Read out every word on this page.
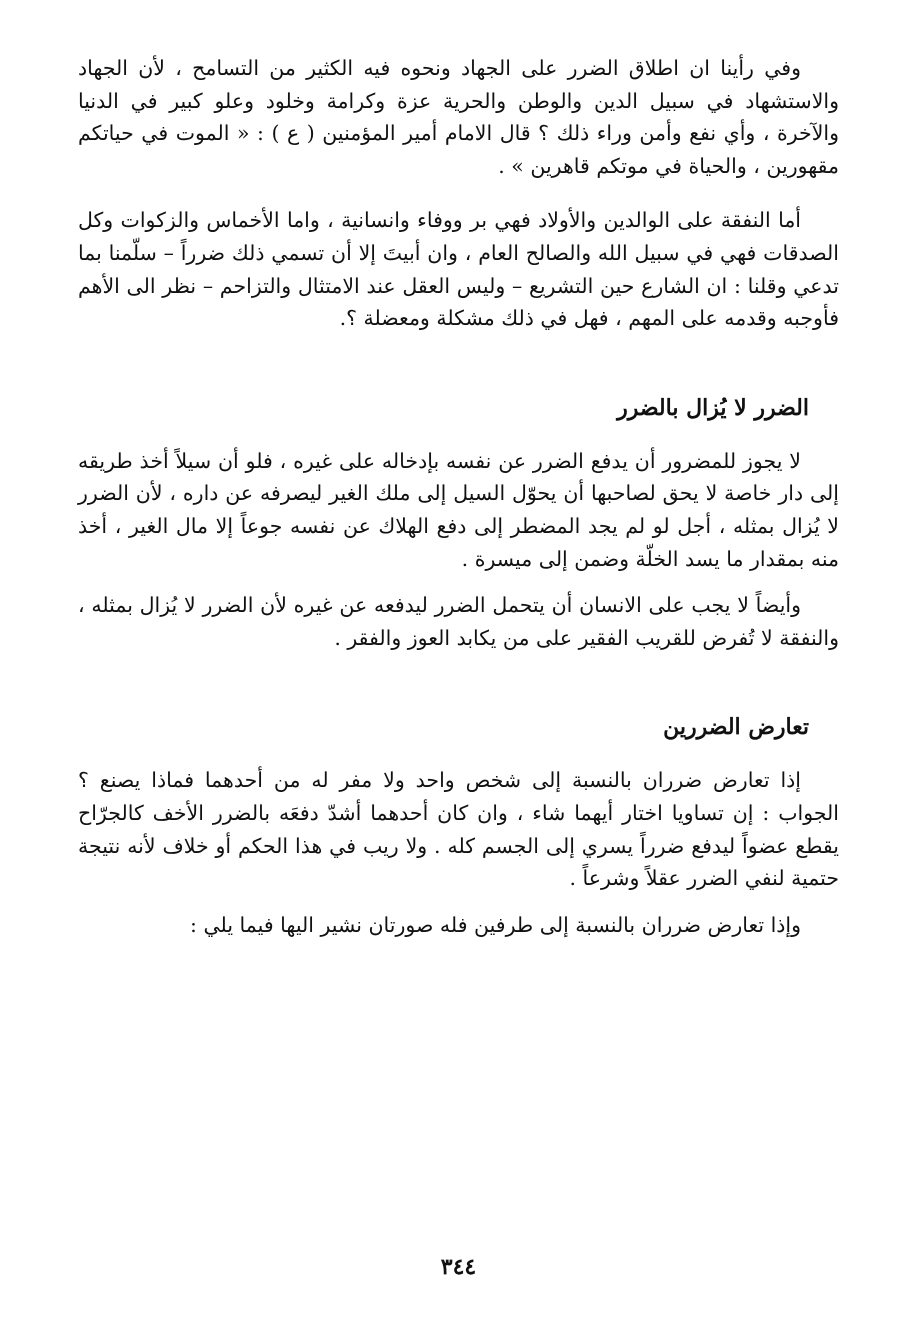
وفي رأينا ان اطلاق الضرر على الجهاد ونحوه فيه الكثير من التسامح ، لأن الجهاد والاستشهاد في سبيل الدين والوطن والحرية عزة وكرامة وخلود وعلو كبير في الدنيا والآخرة ، وأي نفع وأمن وراء ذلك ؟ قال الامام أمير المؤمنين ( ع ) : « الموت في حياتكم مقهورين ، والحياة في موتكم قاهرين » .

أما النفقة على الوالدين والأولاد فهي بر ووفاء وانسانية ، واما الأخماس والزكوات وكل الصدقات فهي في سبيل الله والصالح العام ، وان أبيتَ إلا أن تسمي ذلك ضرراً – سلّمنا بما تدعي وقلنا : ان الشارع حين التشريع – وليس العقل عند الامتثال والتزاحم – نظر الى الأهم فأوجبه وقدمه على المهم ، فهل في ذلك مشكلة ومعضلة ؟.

الضرر لا يُزال بالضرر

لا يجوز للمضرور أن يدفع الضرر عن نفسه بإدخاله على غيره ، فلو أن سيلاً أخذ طريقه إلى دار خاصة لا يحق لصاحبها أن يحوّل السيل إلى ملك الغير ليصرفه عن داره ، لأن الضرر لا يُزال بمثله ، أجل لو لم يجد المضطر إلى دفع الهلاك عن نفسه جوعاً إلا مال الغير ، أخذ منه بمقدار ما يسد الخلّة وضمن إلى ميسرة .

وأيضاً لا يجب على الانسان أن يتحمل الضرر ليدفعه عن غيره لأن الضرر لا يُزال بمثله ، والنفقة لا تُفرض للقريب الفقير على من يكابد العوز والفقر .

تعارض الضررين

إذا تعارض ضرران بالنسبة إلى شخص واحد ولا مفر له من أحدهما فماذا يصنع ؟ الجواب : إن تساويا اختار أيهما شاء ، وان كان أحدهما أشدّ دفعَه بالضرر الأخف كالجرّاح يقطع عضواً ليدفع ضرراً يسري إلى الجسم كله . ولا ريب في هذا الحكم أو خلاف لأنه نتيجة حتمية لنفي الضرر عقلاً وشرعاً .

وإذا تعارض ضرران بالنسبة إلى طرفين فله صورتان نشير اليها فيما يلي :

٣٤٤
